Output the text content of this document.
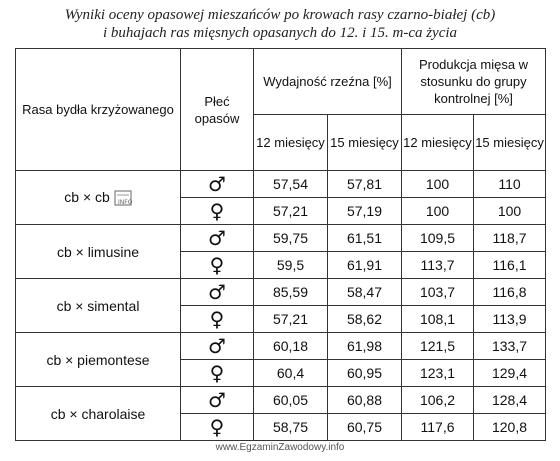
Wyniki oceny opasowej mieszańców po krowach rasy czarno-białej (cb)
i buhajach ras mięsnych opasanych do 12. i 15. m-ca życia
Rasa bydła krzyżowanego	Płeć opasów	Wydajność rzeźna [%]		Produkcja mięsa w stosunku do grupy kontrolnej [%]	
		12 miesięcy	15 miesięcy	12 miesięcy	15 miesięcy
cb × cb INFO	♂	57,54	57,81	100	110
	♀	57,21	57,19	100	100
cb × limusine	♂	59,75	61,51	109,5	118,7
	♀	59,5	61,91	113,7	116,1
cb × simental	♂	85,59	58,47	103,7	116,8
	♀	57,21	58,62	108,1	113,9
cb × piemontese	♂	60,18	61,98	121,5	133,7
	♀	60,4	60,95	123,1	129,4
cb × charolaise	♂	60,05	60,88	106,2	128,4
	♀	58,75	60,75	117,6	120,8
www.EgzaminZawodowy.info
